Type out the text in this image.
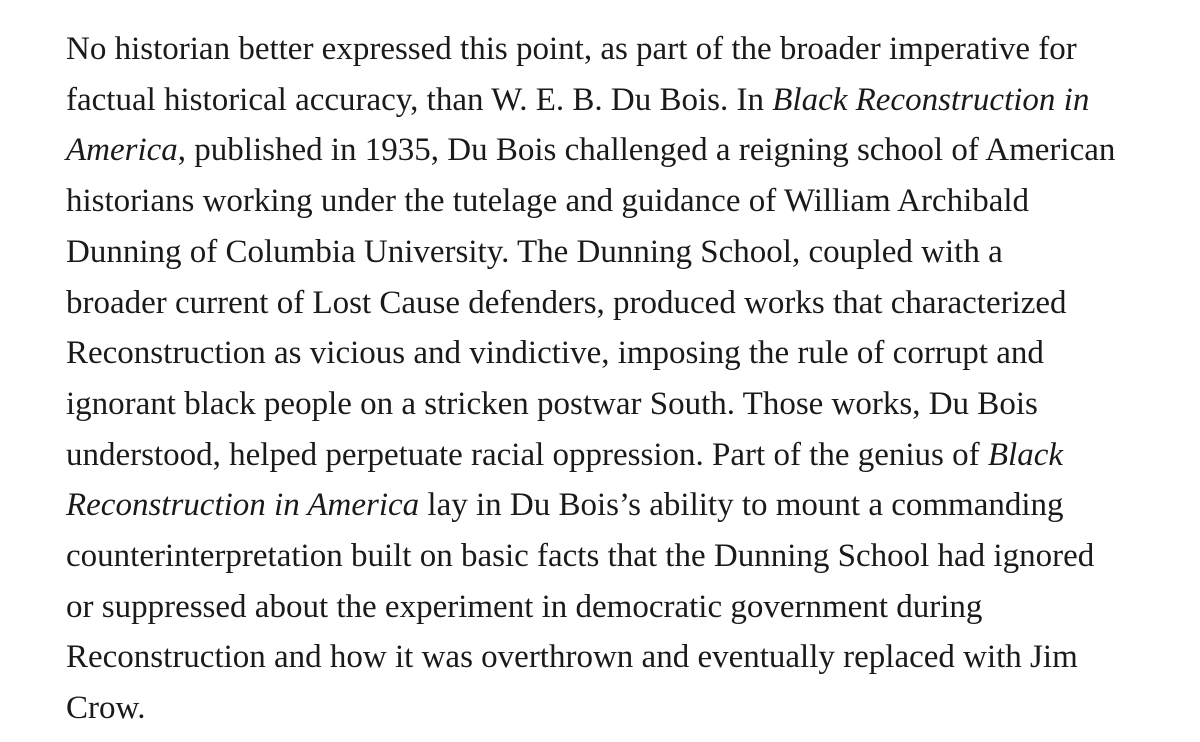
No historian better expressed this point, as part of the broader imperative for
factual historical accuracy, than W. E. B. Du Bois. In Black Reconstruction in
America, published in 1935, Du Bois challenged a reigning school of American
historians working under the tutelage and guidance of William Archibald
Dunning of Columbia University. The Dunning School, coupled with a
broader current of Lost Cause defenders, produced works that characterized
Reconstruction as vicious and vindictive, imposing the rule of corrupt and
ignorant black people on a stricken postwar South. Those works, Du Bois
understood, helped perpetuate racial oppression. Part of the genius of Black
Reconstruction in America lay in Du Bois’s ability to mount a commanding
counterinterpretation built on basic facts that the Dunning School had ignored
or suppressed about the experiment in democratic government during
Reconstruction and how it was overthrown and eventually replaced with Jim
Crow.
